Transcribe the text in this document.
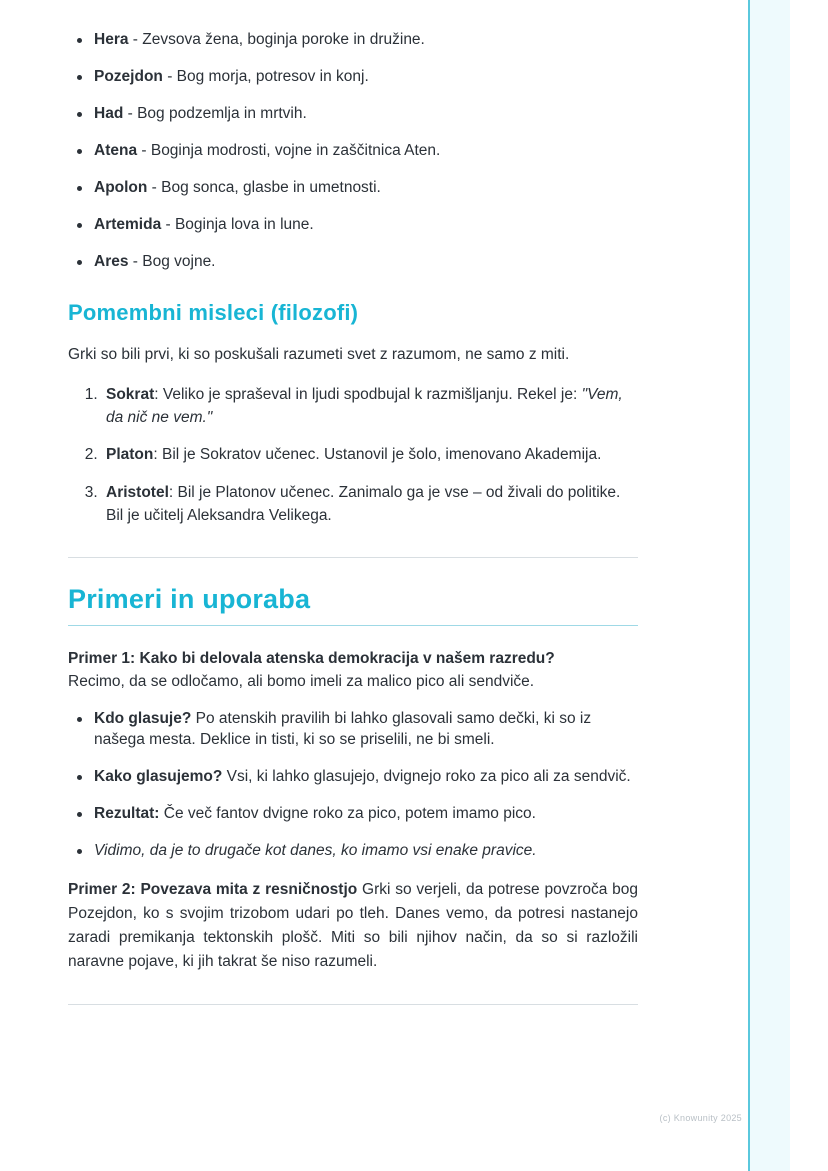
Hera - Zevsova žena, boginja poroke in družine.
Pozejdon - Bog morja, potresov in konj.
Had - Bog podzemlja in mrtvih.
Atena - Boginja modrosti, vojne in zaščitnica Aten.
Apolon - Bog sonca, glasbe in umetnosti.
Artemida - Boginja lova in lune.
Ares - Bog vojne.
Pomembni misleci (filozofi)

Grki so bili prvi, ki so poskušali razumeti svet z razumom, ne samo z miti.

1. Sokrat: Veliko je spraševal in ljudi spodbujal k razmišljanju. Rekel je: "Vem, da nič ne vem."
2. Platon: Bil je Sokratov učenec. Ustanovil je šolo, imenovano Akademija.
3. Aristotel: Bil je Platonov učenec. Zanimalo ga je vse – od živali do politike. Bil je učitelj Aleksandra Velikega.
Primeri in uporaba

Primer 1: Kako bi delovala atenska demokracija v našem razredu?
Recimo, da se odločamo, ali bomo imeli za malico pico ali sendviče.

Kdo glasuje? Po atenskih pravilih bi lahko glasovali samo dečki, ki so iz našega mesta. Deklice in tisti, ki so se priselili, ne bi smeli.
Kako glasujemo? Vsi, ki lahko glasujejo, dvignejo roko za pico ali za sendvič.
Rezultat: Če več fantov dvigne roko za pico, potem imamo pico.
Vidimo, da je to drugače kot danes, ko imamo vsi enake pravice.

Primer 2: Povezava mita z resničnostjo Grki so verjeli, da potrese povzroča bog Pozejdon, ko s svojim trizobom udari po tleh. Danes vemo, da potresi nastanejo zaradi premikanja tektonskih plošč. Miti so bili njihov način, da so si razložili naravne pojave, ki jih takrat še niso razumeli.

(c) Knowunity 2025
